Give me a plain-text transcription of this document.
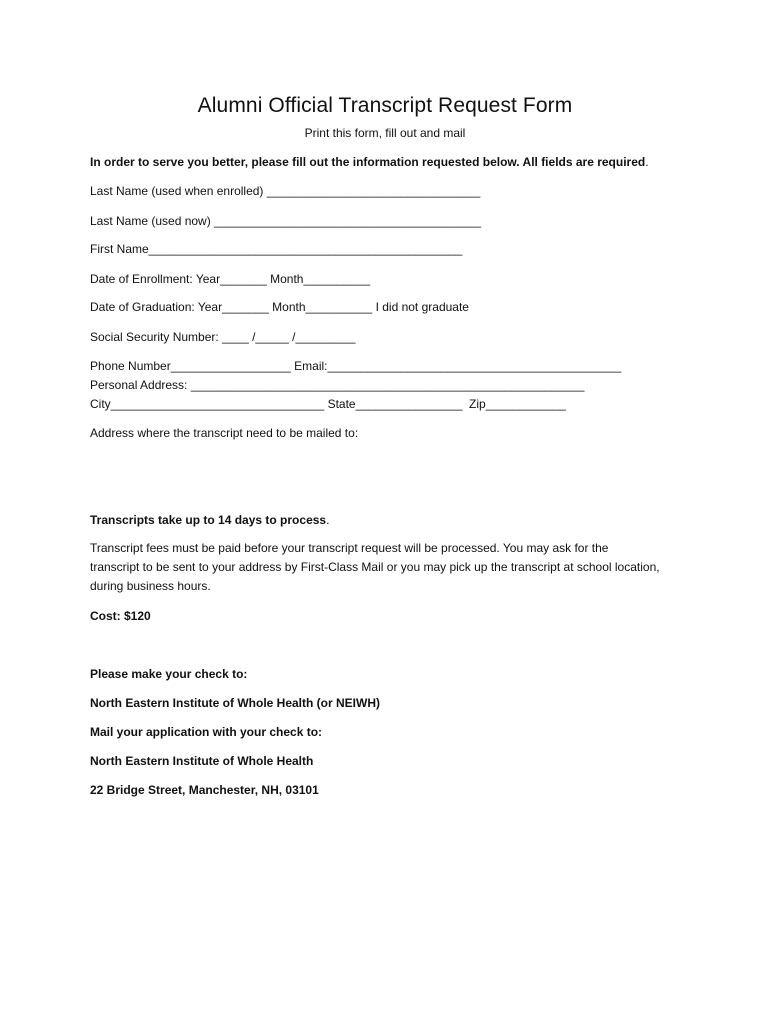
Alumni Official Transcript Request Form
Print this form, fill out and mail
In order to serve you better, please fill out the information requested below. All fields are required.
Last Name (used when enrolled) ________________________________
Last Name (used now) ________________________________________
First Name_______________________________________________
Date of Enrollment: Year_______ Month__________
Date of Graduation: Year_______ Month__________ I did not graduate
Social Security Number: ____ /_____ /_________
Phone Number__________________ Email:____________________________________________
Personal Address: ___________________________________________________________
City________________________________ State________________  Zip____________
Address where the transcript need to be mailed to:
Transcripts take up to 14 days to process.
Transcript fees must be paid before your transcript request will be processed. You may ask for the transcript to be sent to your address by First-Class Mail or you may pick up the transcript at school location, during business hours.
Cost: $120
Please make your check to:
North Eastern Institute of Whole Health (or NEIWH)
Mail your application with your check to:
North Eastern Institute of Whole Health
22 Bridge Street, Manchester, NH, 03101
